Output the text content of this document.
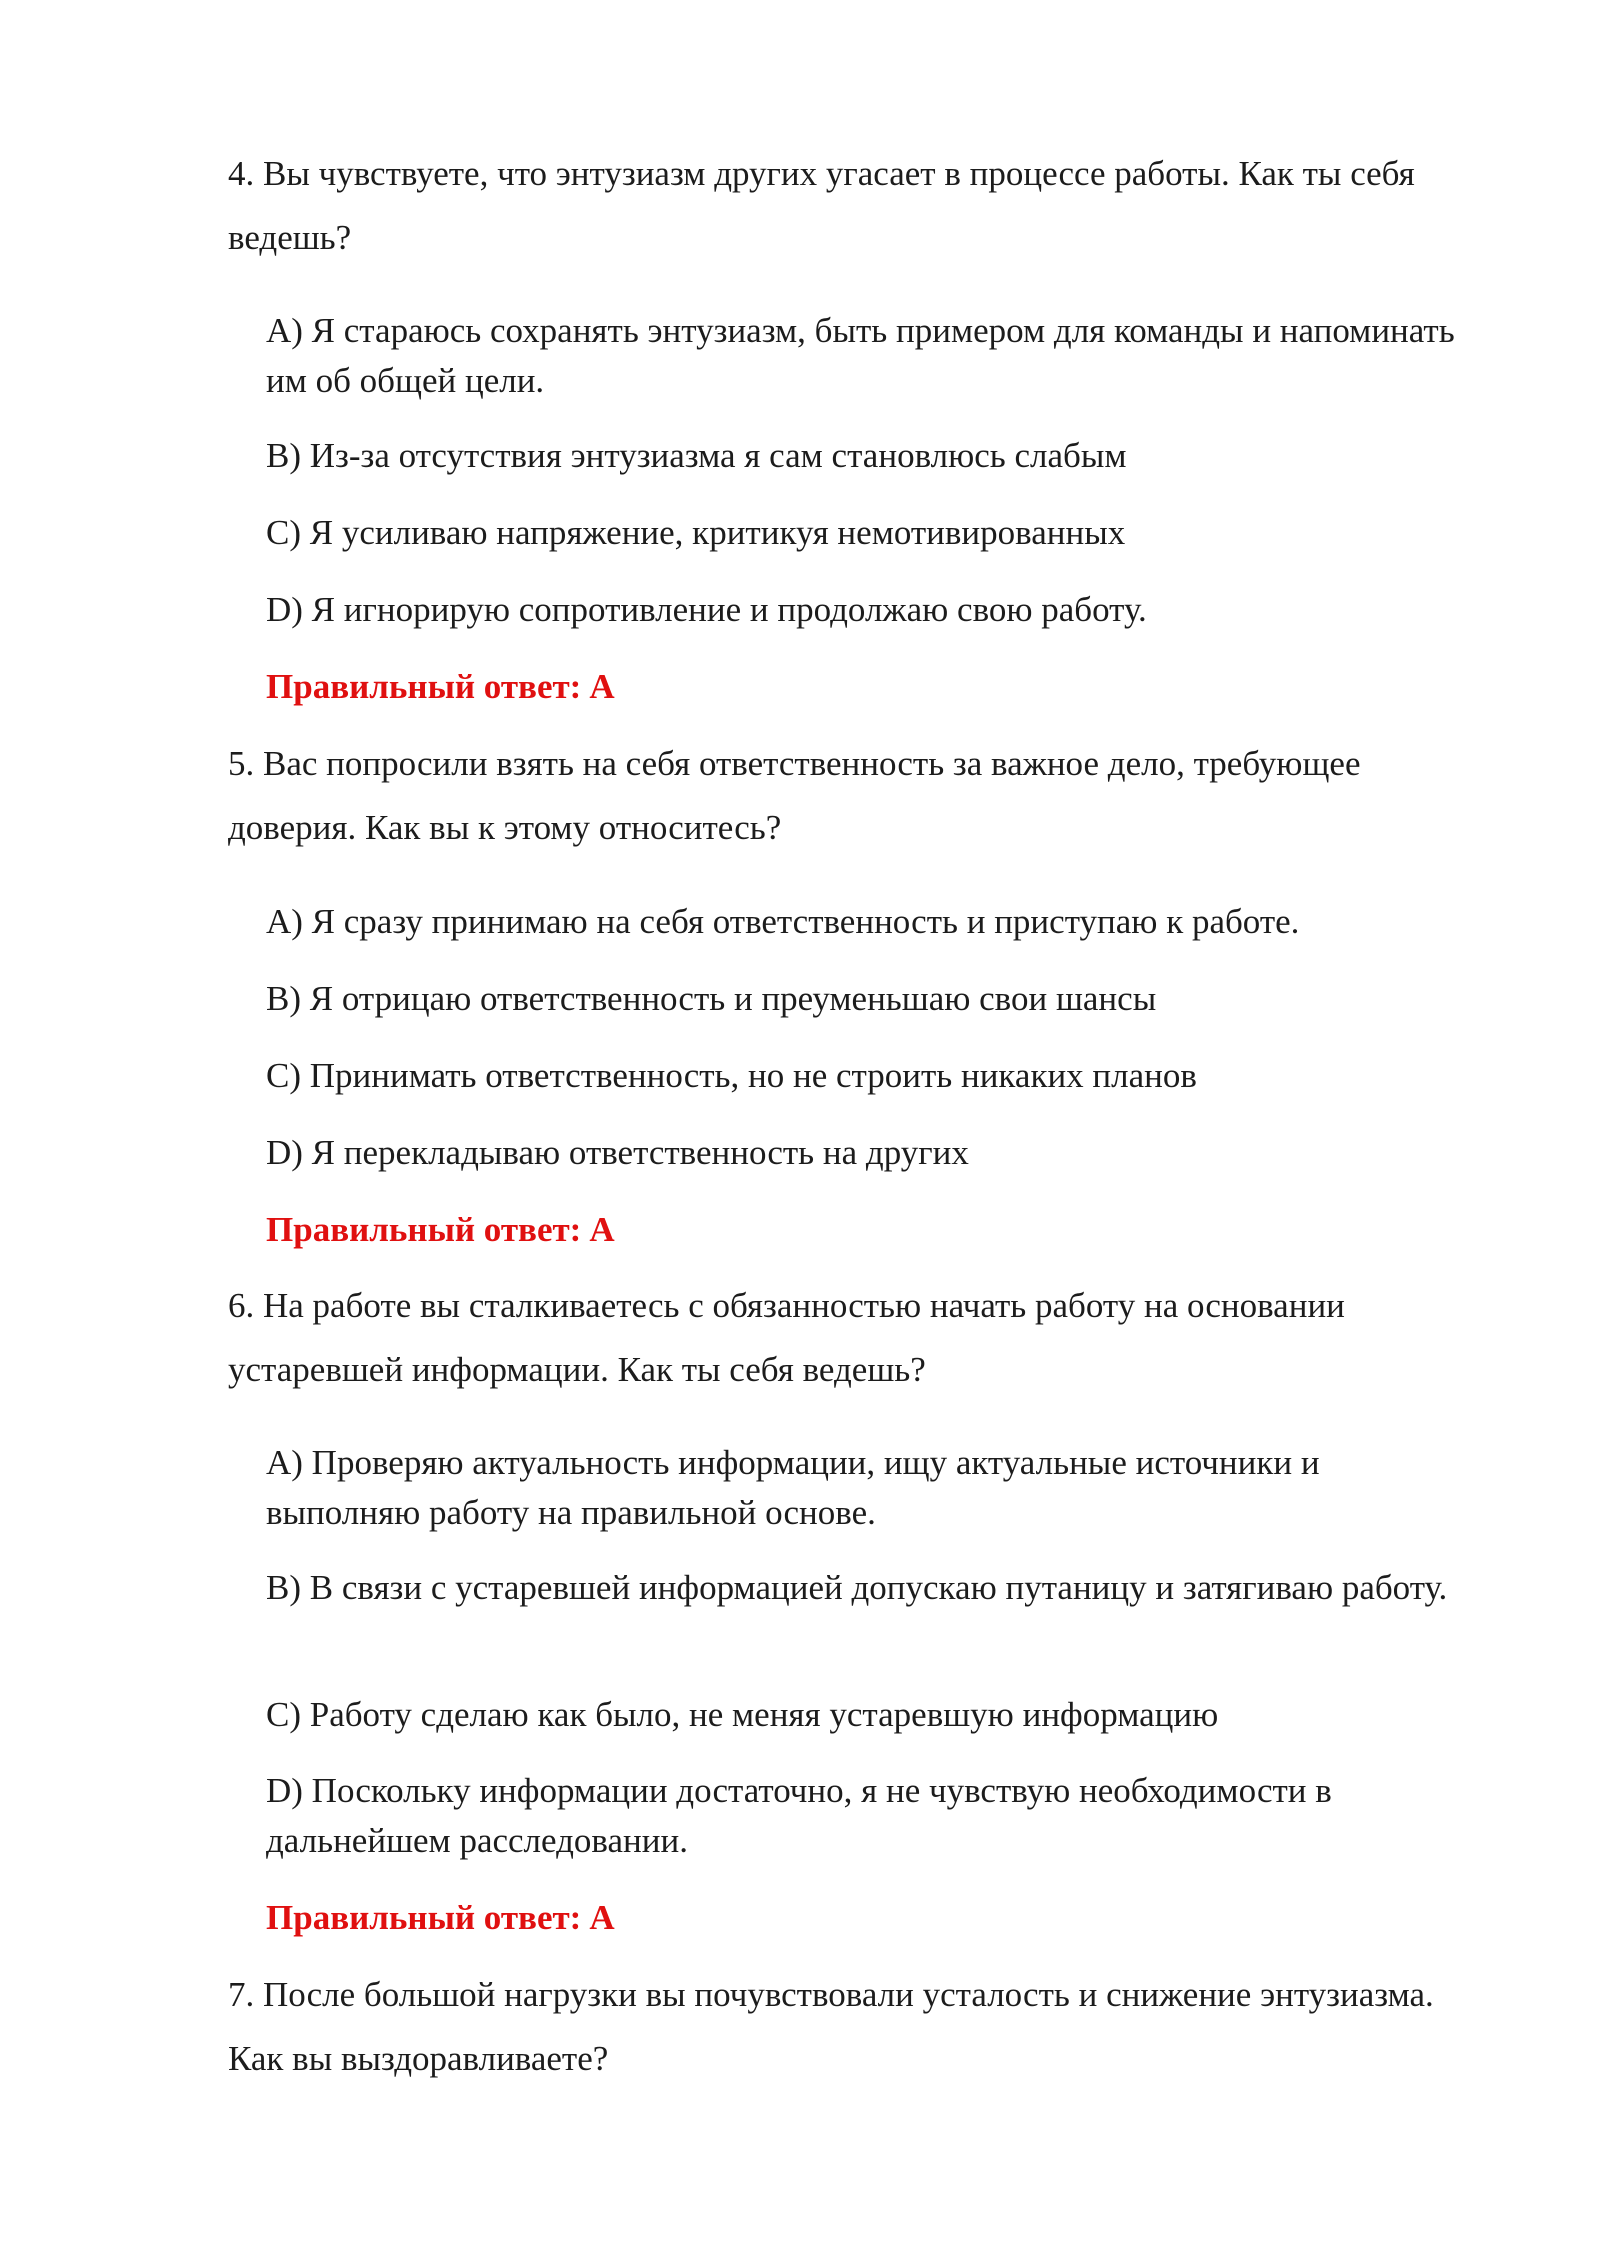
4. Вы чувствуете, что энтузиазм других угасает в процессе работы. Как ты себя ведешь?

A) Я стараюсь сохранять энтузиазм, быть примером для команды и напоминать им об общей цели.

B) Из-за отсутствия энтузиазма я сам становлюсь слабым

C) Я усиливаю напряжение, критикуя немотивированных

D) Я игнорирую сопротивление и продолжаю свою работу.

Правильный ответ: A

5. Вас попросили взять на себя ответственность за важное дело, требующее доверия. Как вы к этому относитесь?

A) Я сразу принимаю на себя ответственность и приступаю к работе.

B) Я отрицаю ответственность и преуменьшаю свои шансы

C) Принимать ответственность, но не строить никаких планов

D) Я перекладываю ответственность на других

Правильный ответ: A

6. На работе вы сталкиваетесь с обязанностью начать работу на основании устаревшей информации. Как ты себя ведешь?

A) Проверяю актуальность информации, ищу актуальные источники и выполняю работу на правильной основе.

B) В связи с устаревшей информацией допускаю путаницу и затягиваю работу.

C) Работу сделаю как было, не меняя устаревшую информацию

D) Поскольку информации достаточно, я не чувствую необходимости в дальнейшем расследовании.

Правильный ответ: A

7. После большой нагрузки вы почувствовали усталость и снижение энтузиазма. Как вы выздоравливаете?
